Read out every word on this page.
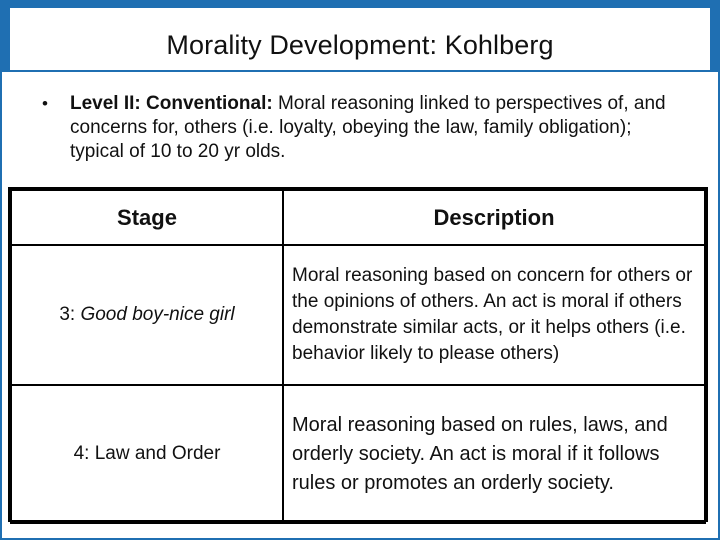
Morality Development: Kohlberg
• Level II: Conventional: Moral reasoning linked to perspectives of, and concerns for, others (i.e. loyalty, obeying the law, family obligation); typical of 10 to 20 yr olds.
Stage	Description
3: Good boy-nice girl	Moral reasoning based on concern for others or the opinions of others. An act is moral if others demonstrate similar acts, or it helps others (i.e. behavior likely to please others)
4: Law and Order	Moral reasoning based on rules, laws, and orderly society. An act is moral if it follows rules or promotes an orderly society.
